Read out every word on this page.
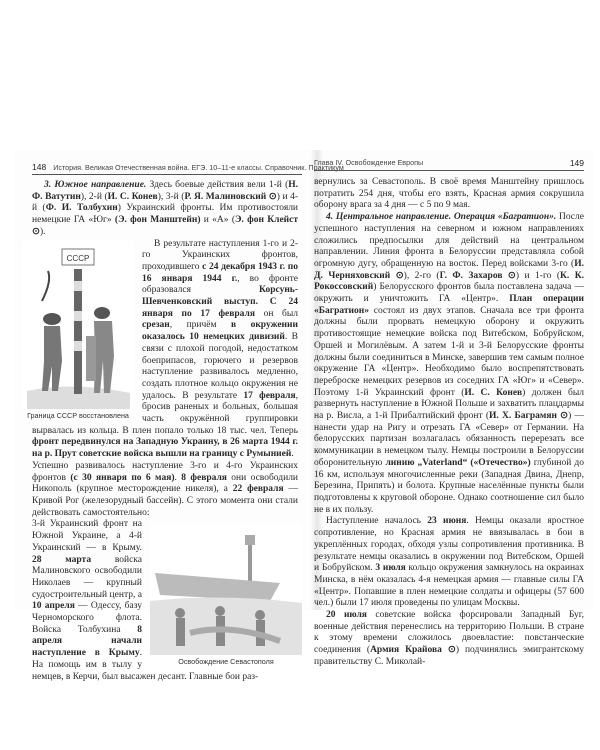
148 История. Великая Отечественная война. ЕГЭ. 10–11-е классы. Справочник. Практикум

3. Южное направление. Здесь боевые действия вели 1-й (Н. Ф. Ватутин), 2-й (И. С. Конев), 3-й (Р. Я. Малиновский ⊙) и 4-й (Ф. И. Толбухин) Украинский фронты. Им противостояли немецкие ГА «Юг» (Э. фон Манштейн) и «А» (Э. фон Клейст ⊙).

СССР
Граница СССР восстановлена

В результате наступления 1-го и 2-го Украинских фронтов, проходившего с 24 декабря 1943 г. по 16 января 1944 г., во фронте образовался Корсунь-Шевченковский выступ. С 24 января по 17 февраля он был срезан, причём в окружении оказалось 10 немецких дивизий. В связи с плохой погодой, недостатком боеприпасов, горючего и резервов наступление развивалось медленно, создать плотное кольцо окружения не удалось. В результате 17 февраля, бросив раненых и больных, большая часть окружённой группировки вырвалась из кольца. В плен попало только 18 тыс. чел. Теперь фронт передвинулся на Западную Украину, в 26 марта 1944 г. на р. Прут советские войска вышли на границу с Румынией.

Успешно развивалось наступление 3-го и 4-го Украинских фронтов (с 30 января по 6 мая). 8 февраля они освободили Никополь (крупное месторождение никеля), а 22 февраля — Кривой Рог (железорудный бассейн). С этого момента они стали действовать самостоятельно:

Освобождение Севастополя

3-й Украинский фронт на Южной Украине, а 4-й Украинский — в Крыму. 28 марта войска Малиновского освободили Николаев — крупный судостроительный центр, а 10 апреля — Одессу, базу Черноморского флота. Войска Толбухина 8 апреля начали наступление в Крыму. На помощь им в тылу у немцев, в Керчи, был высажен десант. Главные бои раз-

Глава IV. Освобождение Европы	149

вернулись за Севастополь. В своё время Манштейну пришлось потратить 254 дня, чтобы его взять, Красная армия сокрушила оборону врага за 4 дня — с 5 по 9 мая.

4. Центральное направление. Операция «Багратион». После успешного наступления на северном и южном направлениях сложились предпосылки для действий на центральном направлении. Линия фронта в Белоруссии представляла собой огромную дугу, обращенную на восток. Перед войсками 3-го (И. Д. Черняховский ⊙), 2-го (Г. Ф. Захаров ⊙) и 1-го (К. К. Рокоссовский) Белорусского фронтов была поставлена задача — окружить и уничтожить ГА «Центр». План операции «Багратион» состоял из двух этапов. Сначала все три фронта должны были прорвать немецкую оборону и окружить противостоящие немецкие войска под Витебском, Бобруйском, Оршей и Могилёвым. А затем 1-й и 3-й Белорусские фронты должны были соединиться в Минске, завершив тем самым полное окружение ГА «Центр». Необходимо было воспрепятствовать переброске немецких резервов из соседних ГА «Юг» и «Север». Поэтому 1-й Украинский фронт (И. С. Конев) должен был развернуть наступление в Южной Польше и захватить плацдармы на р. Висла, а 1-й Прибалтийский фронт (И. Х. Баграмян ⊙) — нанести удар на Ригу и отрезать ГА «Север» от Германии. На белорусских партизан возлагалась обязанность перерезать все коммуникации в немецком тылу. Немцы построили в Белоруссии оборонительную линию „Vaterland“ («Отечество») глубиной до 16 км, используя многочисленные реки (Западная Двина, Днепр, Березина, Припять) и болота. Крупные населённые пункты были подготовлены к круговой обороне. Однако соотношение сил было не в их пользу.

Наступление началось 23 июня. Немцы оказали яростное сопротивление, но Красная армия не ввязывалась в бои в укреплённых городах, обходя узлы сопротивления противника. В результате немцы оказались в окружении под Витебском, Оршей и Бобруйском. 3 июля кольцо окружения замкнулось на окраинах Минска, в нём оказалась 4-я немецкая армия — главные силы ГА «Центр». Попавшие в плен немецкие солдаты и офицеры (57 600 чел.) были 17 июля проведены по улицам Москвы.

20 июля советские войска форсировали Западный Буг, военные действия перенеслись на территорию Польши. В стране к этому времени сложилось двоевластие: повстанческие соединения (Армия Крайова ⊙) подчинялись эмигрантскому правительству С. Миколай-
